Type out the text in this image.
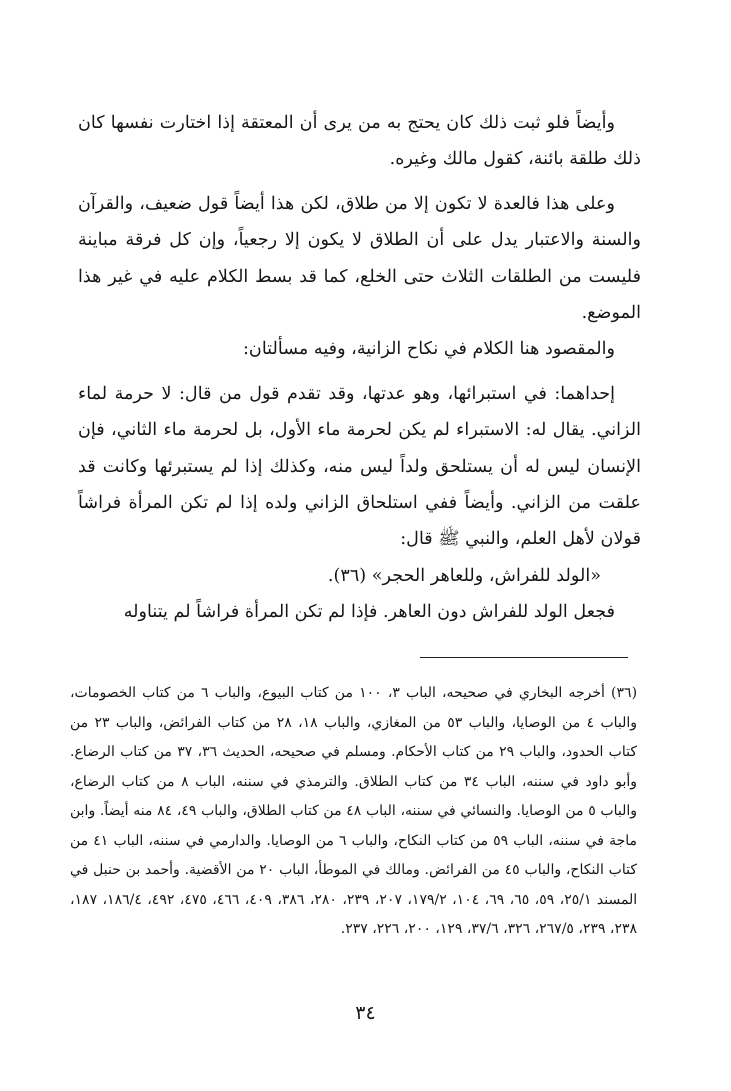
وأيضاً فلو ثبت ذلك كان يحتج به من يرى أن المعتقة إذا اختارت نفسها كان ذلك طلقة بائنة، كقول مالك وغيره.

وعلى هذا فالعدة لا تكون إلا من طلاق، لكن هذا أيضاً قول ضعيف، والقرآن والسنة والاعتبار يدل على أن الطلاق لا يكون إلا رجعياً، وإن كل فرقة مباينة فليست من الطلقات الثلاث حتى الخلع، كما قد بسط الكلام عليه في غير هذا الموضع.

والمقصود هنا الكلام في نكاح الزانية، وفيه مسألتان:

إحداهما: في استبرائها، وهو عدتها، وقد تقدم قول من قال: لا حرمة لماء الزاني. يقال له: الاستبراء لم يكن لحرمة ماء الأول، بل لحرمة ماء الثاني، فإن الإنسان ليس له أن يستلحق ولداً ليس منه، وكذلك إذا لم يستبرئها وكانت قد علقت من الزاني. وأيضاً ففي استلحاق الزاني ولده إذا لم تكن المرأة فراشاً قولان لأهل العلم، والنبي ﷺ قال:

«الولد للفراش، وللعاهر الحجر» (٣٦).

فجعل الولد للفراش دون العاهر. فإذا لم تكن المرأة فراشاً لم يتناوله

(٣٦) أخرجه البخاري في صحيحه، الباب ٣، ١٠٠ من كتاب البيوع، والباب ٦ من كتاب الخصومات، والباب ٤ من الوصايا، والباب ٥٣ من المغازي، والباب ١٨، ٢٨ من كتاب الفرائض، والباب ٢٣ من كتاب الحدود، والباب ٢٩ من كتاب الأحكام. ومسلم في صحيحه، الحديث ٣٦، ٣٧ من كتاب الرضاع. وأبو داود في سننه، الباب ٣٤ من كتاب الطلاق. والترمذي في سننه، الباب ٨ من كتاب الرضاع، والباب ٥ من الوصايا. والنسائي في سننه، الباب ٤٨ من كتاب الطلاق، والباب ٤٩، ٨٤ منه أيضاً. وابن ماجة في سننه، الباب ٥٩ من كتاب النكاح، والباب ٦ من الوصايا. والدارمي في سننه، الباب ٤١ من كتاب النكاح، والباب ٤٥ من الفرائض. ومالك في الموطأ، الباب ٢٠ من الأقضية. وأحمد بن حنبل في المسند ٢٥/١، ٥٩، ٦٥، ٦٩، ١٠٤، ١٧٩/٢، ٢٠٧، ٢٣٩، ٢٨٠، ٣٨٦، ٤٠٩، ٤٦٦، ٤٧٥، ٤٩٢، ١٨٦/٤، ١٨٧، ٢٣٨، ٢٣٩، ٢٦٧/٥، ٣٢٦، ٣٧/٦، ١٢٩، ٢٠٠، ٢٢٦، ٢٣٧.

٣٤
